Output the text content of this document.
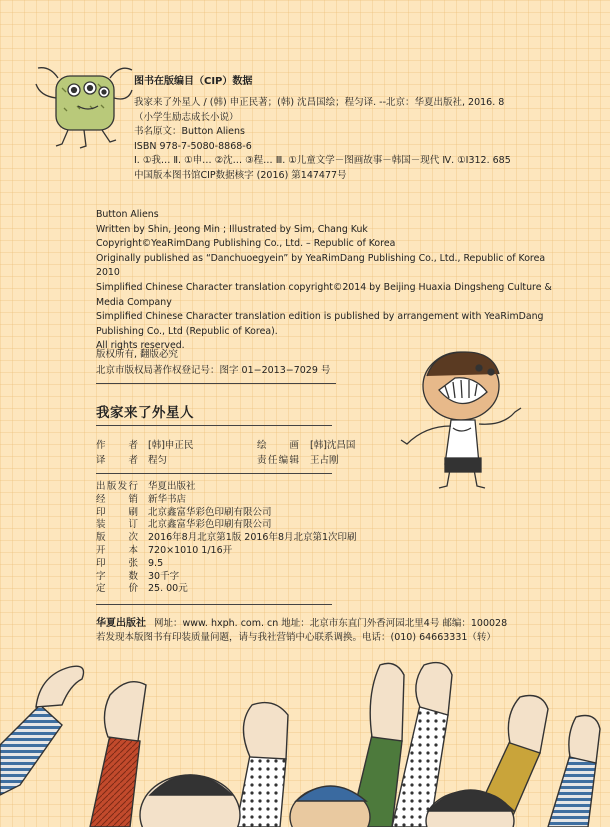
图书在版编目（CIP）数据
我家来了外星人 / (韩) 申正民著；(韩) 沈昌国绘；程匀译. --北京：华夏出版社, 2016. 8
（小学生励志成长小说）
书名原文：Button Aliens
ISBN 978-7-5080-8868-6
Ⅰ. ①我… Ⅱ. ①申… ②沈… ③程… Ⅲ. ①儿童文学－图画故事－韩国－现代 Ⅳ. ①I312. 685
中国版本图书馆CIP数据核字 (2016) 第147477号
Button Aliens
Written by Shin, Jeong Min ; Illustrated by Sim, Chang Kuk
Copyright©YeaRimDang Publishing Co., Ltd. – Republic of Korea
Originally published as “Danchuoegyein” by YeaRimDang Publishing Co., Ltd., Republic of Korea 2010
Simplified Chinese Character translation copyright©2014 by Beijing Huaxia Dingsheng Culture & Media Company
Simplified Chinese Character translation edition is published by arrangement with YeaRimDang Publishing Co., Ltd (Republic of Korea).
All rights reserved.
版权所有, 翻版必究
北京市版权局著作权登记号：图字 01−2013−7029 号
我家来了外星人
作者 [韩]申正民	绘画 [韩]沈昌国
译者 程匀	责任编辑 王占刚
出版发行 华夏出版社
经销 新华书店
印刷 北京鑫富华彩色印刷有限公司
装订 北京鑫富华彩色印刷有限公司
版次 2016年8月北京第1版 2016年8月北京第1次印刷
开本 720×1010 1/16开
印张 9.5
字数 30千字
定价 25. 00元
华夏出版社 网址：www. hxph. com. cn 地址：北京市东直门外香河园北里4号 邮编：100028
若发现本版图书有印装质量问题，请与我社营销中心联系调换。电话：(010) 64663331（转）
